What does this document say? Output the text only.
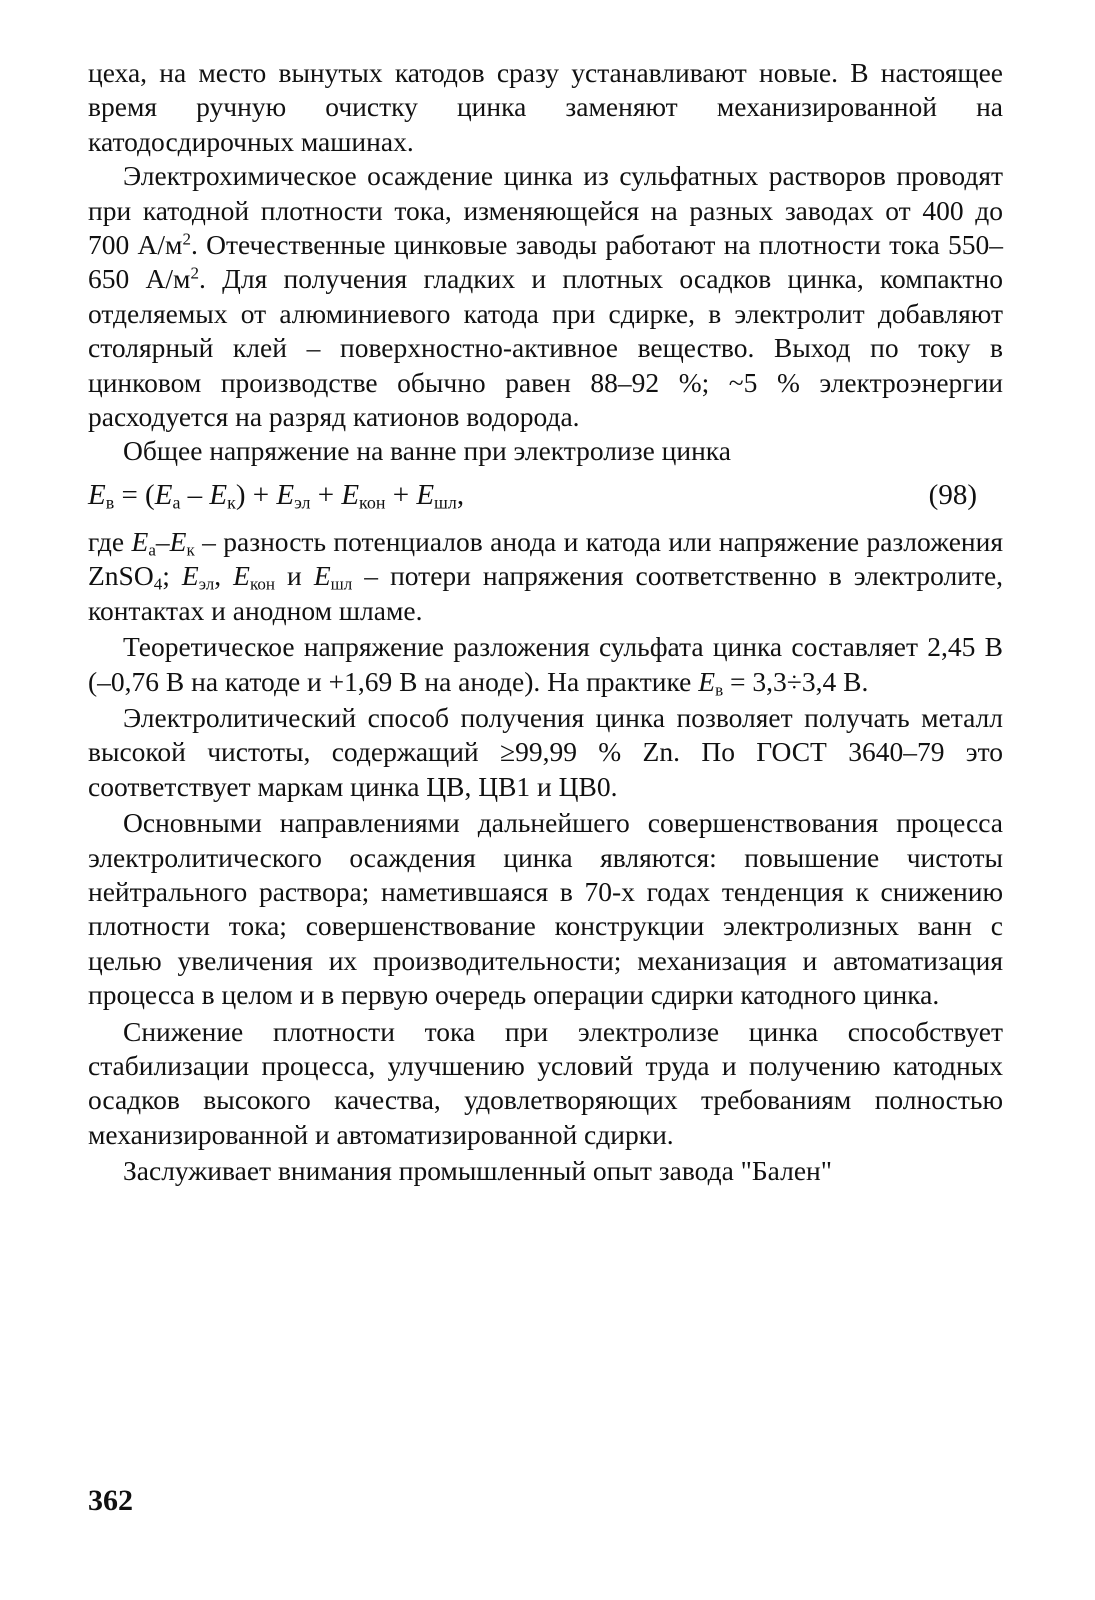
цеха, на место вынутых катодов сразу устанавливают новые. В настоящее время ручную очистку цинка заменяют механизированной на катодосдирочных машинах.

Электрохимическое осаждение цинка из сульфатных растворов проводят при катодной плотности тока, изменяющейся на разных заводах от 400 до 700 $А/м^2$. Отечественные цинковые заводы работают на плотности тока 550–650 $А/м^2$. Для получения гладких и плотных осадков цинка, компактно отделяемых от алюминиевого катода при сдирке, в электролит добавляют столярный клей – поверхностно-активное вещество. Выход по току в цинковом производстве обычно равен 88–92 %; ~5 % электроэнергии расходуется на разряд катионов водорода.

Общее напряжение на ванне при электролизе цинка

$E_в = (E_а - E_к) + E_{эл} + E_{кон} + E_{шл}$,	(98)

где $E_а-E_к$ – разность потенциалов анода и катода или напряжение разложения ZnSO$_4$; $E_{эл}$, $E_{кон}$ и $E_{шл}$ – потери напряжения соответственно в электролите, контактах и анодном шламе.

Теоретическое напряжение разложения сульфата цинка составляет 2,45 В (–0,76 В на катоде и +1,69 В на аноде). На практике $E_в = 3,3\div 3,4$ В.

Электролитический способ получения цинка позволяет получать металл высокой чистоты, содержащий ≥99,99 % Zn. По ГОСТ 3640–79 это соответствует маркам цинка ЦВ, ЦВ1 и ЦВ0.

Основными направлениями дальнейшего совершенствования процесса электролитического осаждения цинка являются: повышение чистоты нейтрального раствора; наметившаяся в 70-х годах тенденция к снижению плотности тока; совершенствование конструкции электролизных ванн с целью увеличения их производительности; механизация и автоматизация процесса в целом и в первую очередь операции сдирки катодного цинка.

Снижение плотности тока при электролизе цинка способствует стабилизации процесса, улучшению условий труда и получению катодных осадков высокого качества, удовлетворяющих требованиям полностью механизированной и автоматизированной сдирки.

Заслуживает внимания промышленный опыт завода "Бален"

362
